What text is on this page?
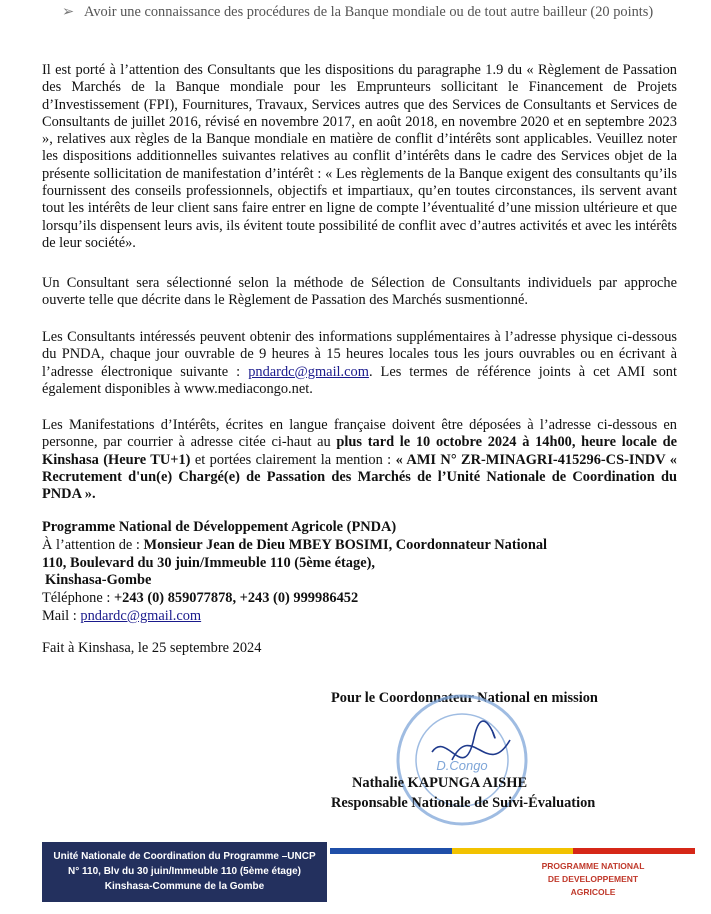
➢ Avoir une connaissance des procédures de la Banque mondiale ou de tout autre bailleur (20 points)

Il est porté à l’attention des Consultants que les dispositions du paragraphe 1.9 du « Règlement de Passation des Marchés de la Banque mondiale pour les Emprunteurs sollicitant le Financement de Projets d’Investissement (FPI), Fournitures, Travaux, Services autres que des Services de Consultants et Services de Consultants de juillet 2016, révisé en novembre 2017, en août 2018, en novembre 2020 et en septembre 2023 », relatives aux règles de la Banque mondiale en matière de conflit d’intérêts sont applicables. Veuillez noter les dispositions additionnelles suivantes relatives au conflit d’intérêts dans le cadre des Services objet de la présente sollicitation de manifestation d’intérêt : « Les règlements de la Banque exigent des consultants qu’ils fournissent des conseils professionnels, objectifs et impartiaux, qu’en toutes circonstances, ils servent avant tout les intérêts de leur client sans faire entrer en ligne de compte l’éventualité d’une mission ultérieure et que lorsqu’ils dispensent leurs avis, ils évitent toute possibilité de conflit avec d’autres activités et avec les intérêts de leur société».

Un Consultant sera sélectionné selon la méthode de Sélection de Consultants individuels par approche ouverte telle que décrite dans le Règlement de Passation des Marchés susmentionné.

Les Consultants intéressés peuvent obtenir des informations supplémentaires à l’adresse physique ci-dessous du PNDA, chaque jour ouvrable de 9 heures à 15 heures locales tous les jours ouvrables ou en écrivant à l’adresse électronique suivante : pndardc@gmail.com. Les termes de référence joints à cet AMI sont également disponibles à www.mediacongo.net.

Les Manifestations d’Intérêts, écrites en langue française doivent être déposées à l’adresse ci-dessous en personne, par courrier à adresse citée ci-haut au plus tard le 10 octobre 2024 à 14h00, heure locale de Kinshasa (Heure TU+1) et portées clairement la mention : « AMI N° ZR-MINAGRI-415296-CS-INDV « Recrutement d'un(e) Chargé(e) de Passation des Marchés de l’Unité Nationale de Coordination du PNDA ».

Programme National de Développement Agricole (PNDA)
À l’attention de : Monsieur Jean de Dieu MBEY BOSIMI, Coordonnateur National
110, Boulevard du 30 juin/Immeuble 110 (5ème étage),
Kinshasa-Gombe
Téléphone : +243 (0) 859077878, +243 (0) 999986452
Mail : pndardc@gmail.com

Fait à Kinshasa, le 25 septembre 2024

Pour le Coordonnateur National en mission
D.Congo
Nathalie KAPUNGA AISHE
Responsable Nationale de Suivi-Évaluation
Unité Nationale de Coordination du Programme –UNCP
N° 110, Blv du 30 juin/Immeuble 110 (5ème étage)
Kinshasa-Commune de la Gombe
PROGRAMME NATIONAL
DE DEVELOPPEMENT
AGRICOLE
